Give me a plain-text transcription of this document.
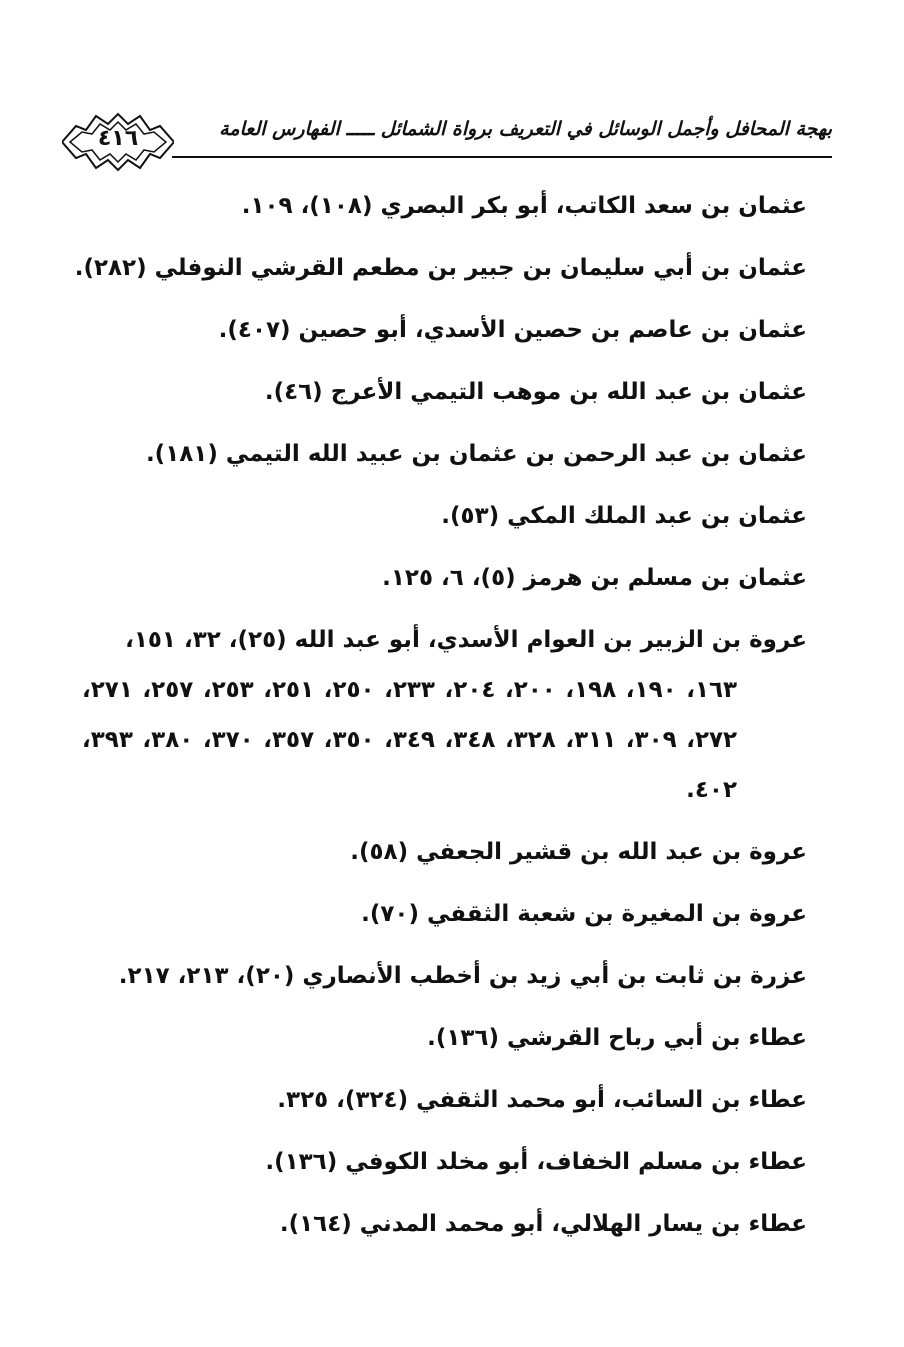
٤١٦	بهجة المحافل وأجمل الوسائل في التعريف برواة الشمائل ـــــ الفهارس العامة

عثمان بن سعد الكاتب، أبو بكر البصري (١٠٨)، ١٠٩.

عثمان بن أبي سليمان بن جبير بن مطعم القرشي النوفلي (٢٨٢).

عثمان بن عاصم بن حصين الأسدي، أبو حصين (٤٠٧).

عثمان بن عبد الله بن موهب التيمي الأعرج (٤٦).

عثمان بن عبد الرحمن بن عثمان بن عبيد الله التيمي (١٨١).

عثمان بن عبد الملك المكي (٥٣).

عثمان بن مسلم بن هرمز (٥)، ٦، ١٢٥.

عروة بن الزبير بن العوام الأسدي، أبو عبد الله (٢٥)، ٣٢، ١٥١،
١٦٣، ١٩٠، ١٩٨، ٢٠٠، ٢٠٤، ٢٣٣، ٢٥٠، ٢٥١، ٢٥٣، ٢٥٧، ٢٧١، ٢٧٢، ٣٠٩، ٣١١، ٣٢٨، ٣٤٨، ٣٤٩، ٣٥٠، ٣٥٧، ٣٧٠، ٣٨٠، ٣٩٣، ٤٠٢.

عروة بن عبد الله بن قشير الجعفي (٥٨).

عروة بن المغيرة بن شعبة الثقفي (٧٠).

عزرة بن ثابت بن أبي زيد بن أخطب الأنصاري (٢٠)، ٢١٣، ٢١٧.

عطاء بن أبي رباح القرشي (١٣٦).

عطاء بن السائب، أبو محمد الثقفي (٣٢٤)، ٣٢٥.

عطاء بن مسلم الخفاف، أبو مخلد الكوفي (١٣٦).

عطاء بن يسار الهلالي، أبو محمد المدني (١٦٤).
